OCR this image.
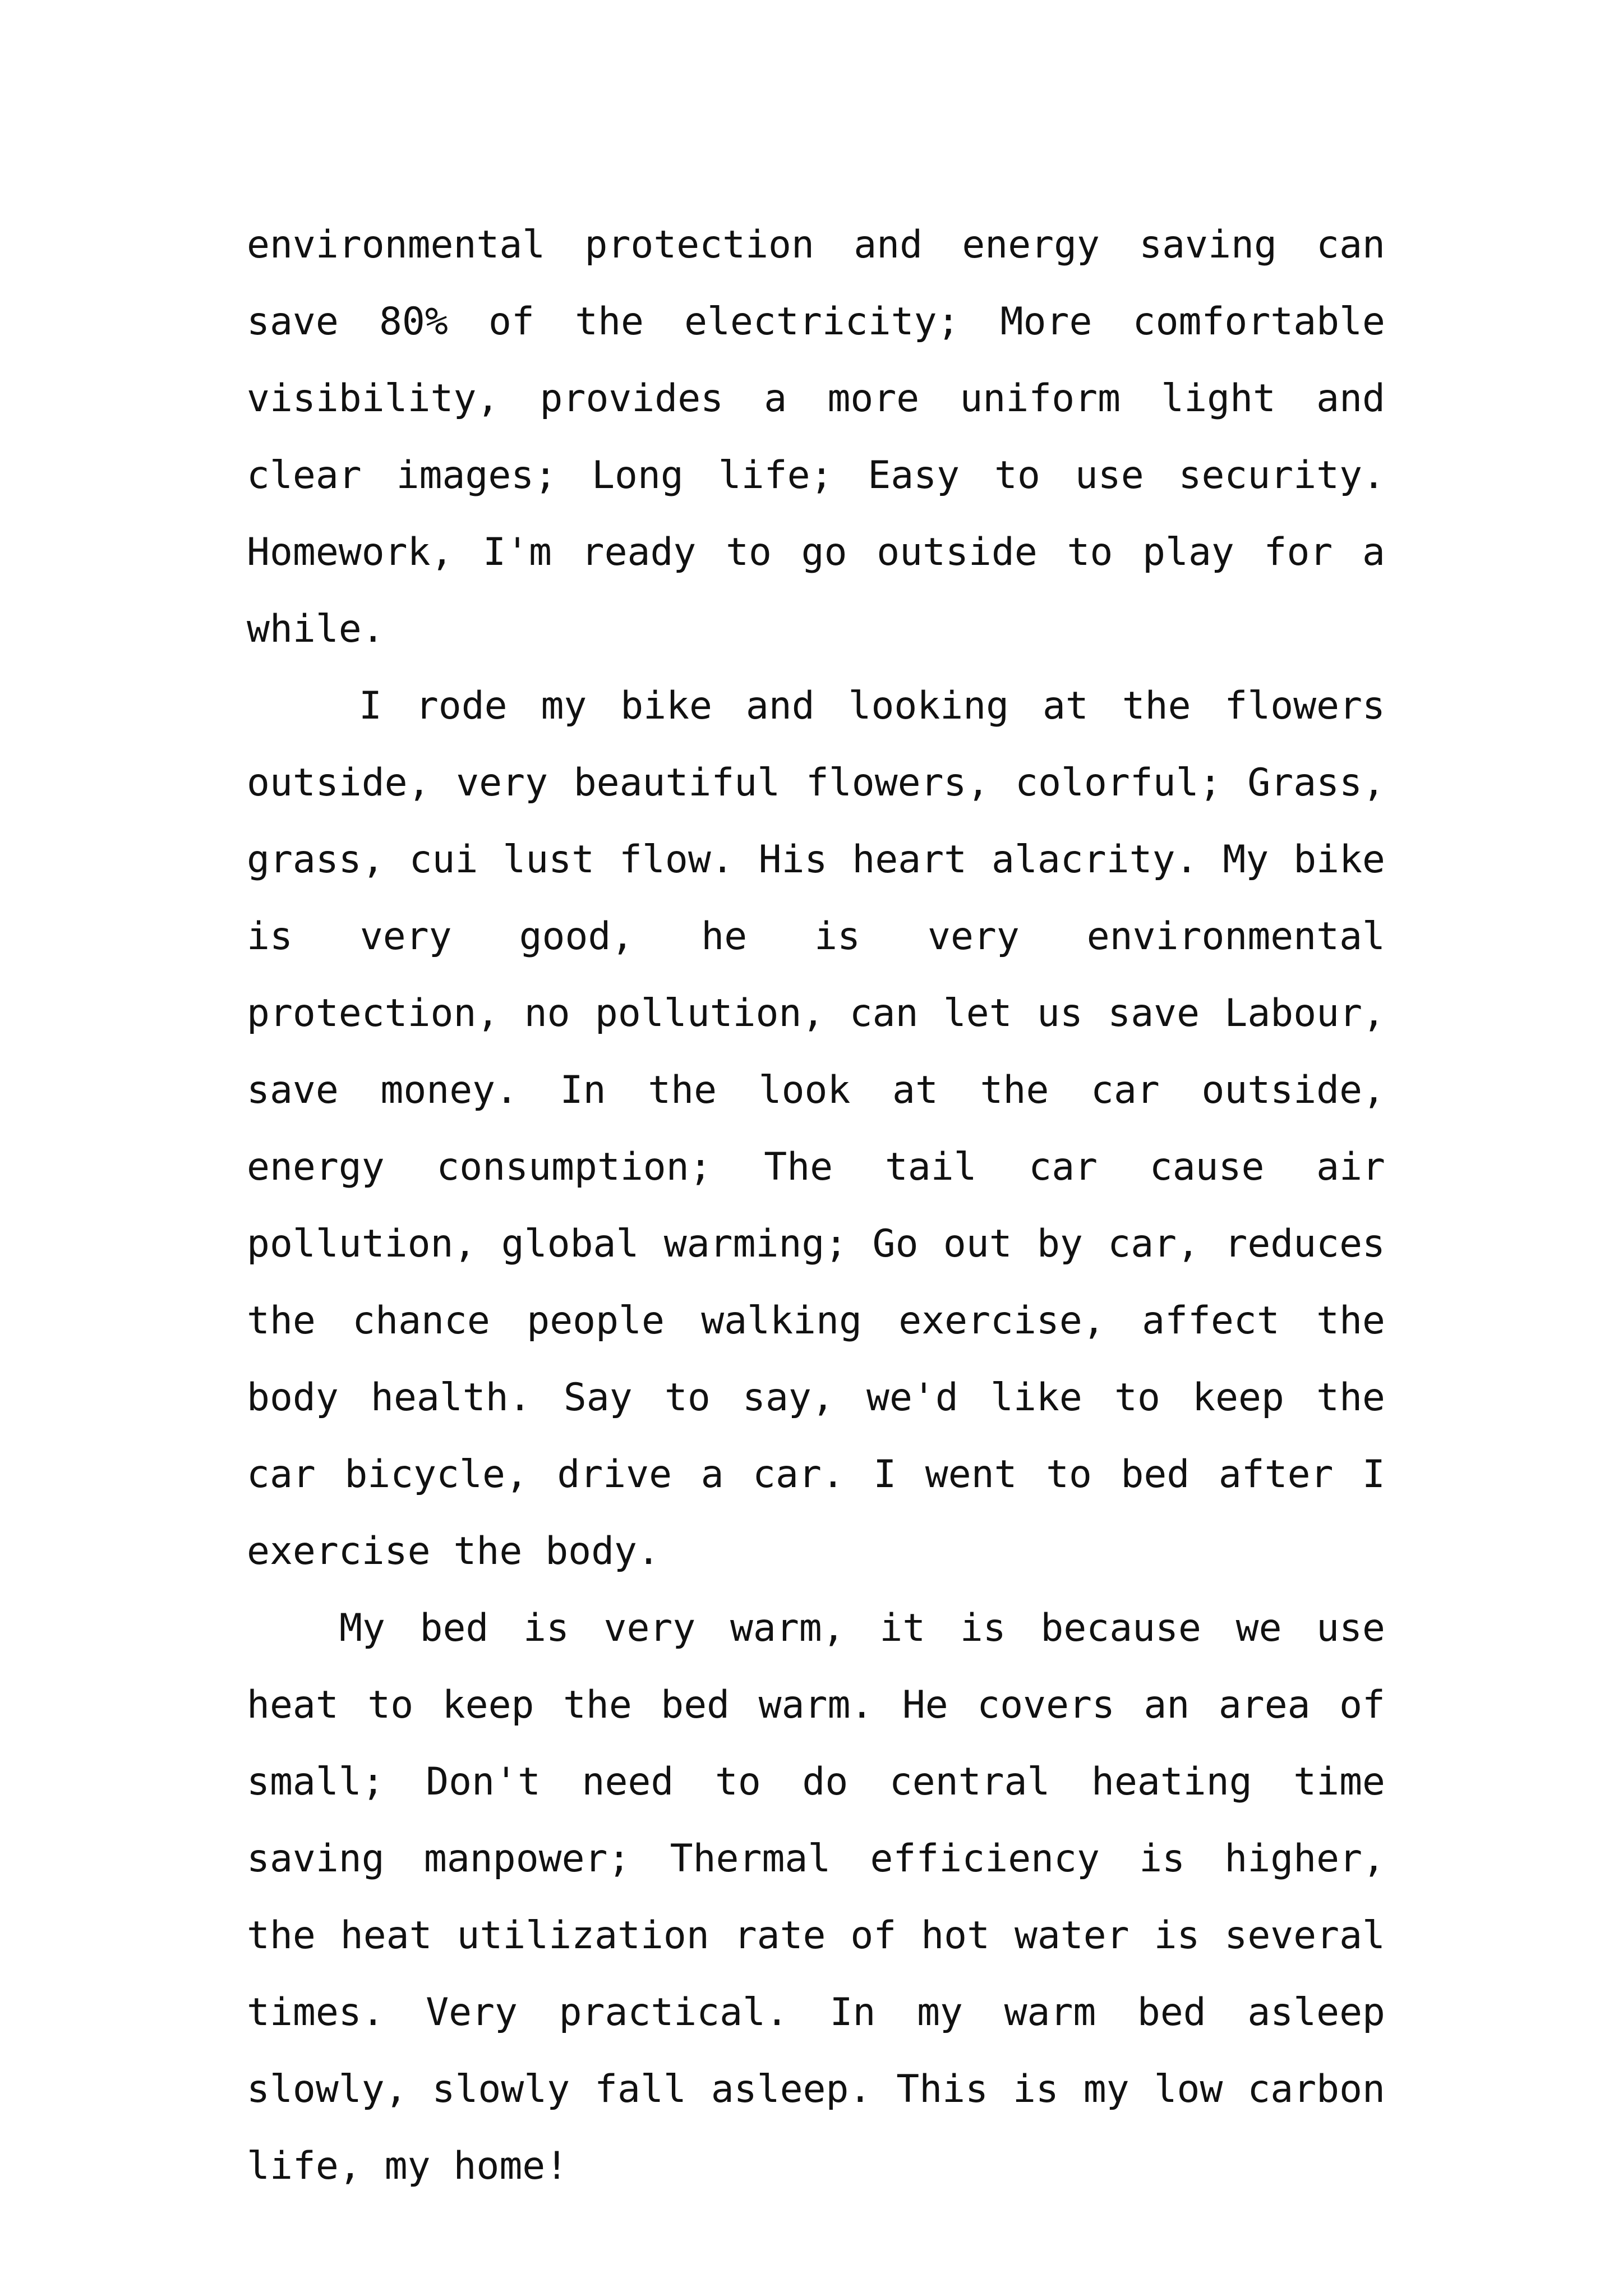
environmental protection and energy saving can save 80% of the electricity; More comfortable visibility, provides a more uniform light and clear images; Long life; Easy to use security. Homework, I'm ready to go outside to play for a while.

I rode my bike and looking at the flowers outside, very beautiful flowers, colorful; Grass, grass, cui lust flow. His heart alacrity. My bike is very good, he is very environmental protection, no pollution, can let us save Labour, save money. In the look at the car outside, energy consumption; The tail car cause air pollution, global warming; Go out by car, reduces the chance people walking exercise, affect the body health. Say to say, we'd like to keep the car bicycle, drive a car. I went to bed after I exercise the body.

My bed is very warm, it is because we use heat to keep the bed warm. He covers an area of small; Don't need to do central heating time saving manpower; Thermal efficiency is higher, the heat utilization rate of hot water is several times. Very practical. In my warm bed asleep slowly, slowly fall asleep. This is my low carbon life, my home!
